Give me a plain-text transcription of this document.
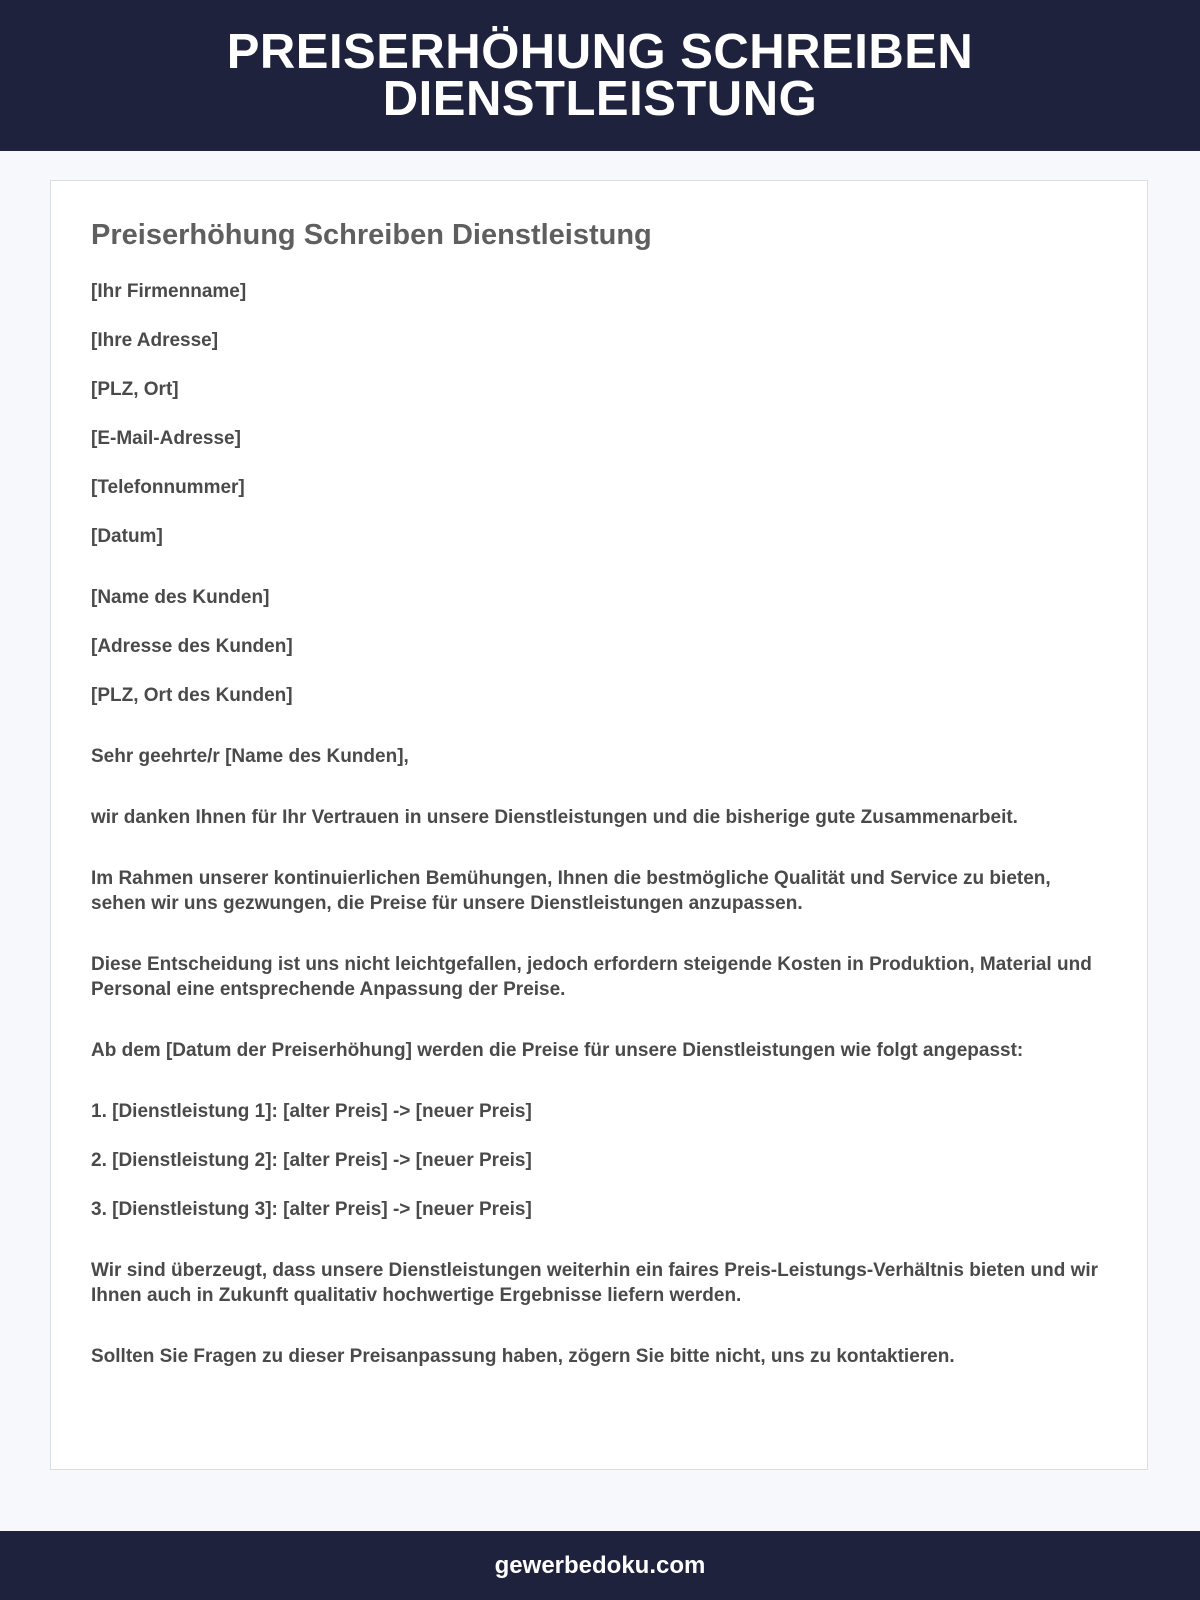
PREISERHÖHUNG SCHREIBEN
DIENSTLEISTUNG
Preiserhöhung Schreiben Dienstleistung

[Ihr Firmenname]

[Ihre Adresse]

[PLZ, Ort]

[E-Mail-Adresse]

[Telefonnummer]

[Datum]

[Name des Kunden]

[Adresse des Kunden]

[PLZ, Ort des Kunden]

Sehr geehrte/r [Name des Kunden],

wir danken Ihnen für Ihr Vertrauen in unsere Dienstleistungen und die bisherige gute Zusammenarbeit.

Im Rahmen unserer kontinuierlichen Bemühungen, Ihnen die bestmögliche Qualität und Service zu bieten, sehen wir uns gezwungen, die Preise für unsere Dienstleistungen anzupassen.

Diese Entscheidung ist uns nicht leichtgefallen, jedoch erfordern steigende Kosten in Produktion, Material und Personal eine entsprechende Anpassung der Preise.

Ab dem [Datum der Preiserhöhung] werden die Preise für unsere Dienstleistungen wie folgt angepasst:

1. [Dienstleistung 1]: [alter Preis] -> [neuer Preis]

2. [Dienstleistung 2]: [alter Preis] -> [neuer Preis]

3. [Dienstleistung 3]: [alter Preis] -> [neuer Preis]

Wir sind überzeugt, dass unsere Dienstleistungen weiterhin ein faires Preis-Leistungs-Verhältnis bieten und wir Ihnen auch in Zukunft qualitativ hochwertige Ergebnisse liefern werden.

Sollten Sie Fragen zu dieser Preisanpassung haben, zögern Sie bitte nicht, uns zu kontaktieren.

gewerbedoku.com
